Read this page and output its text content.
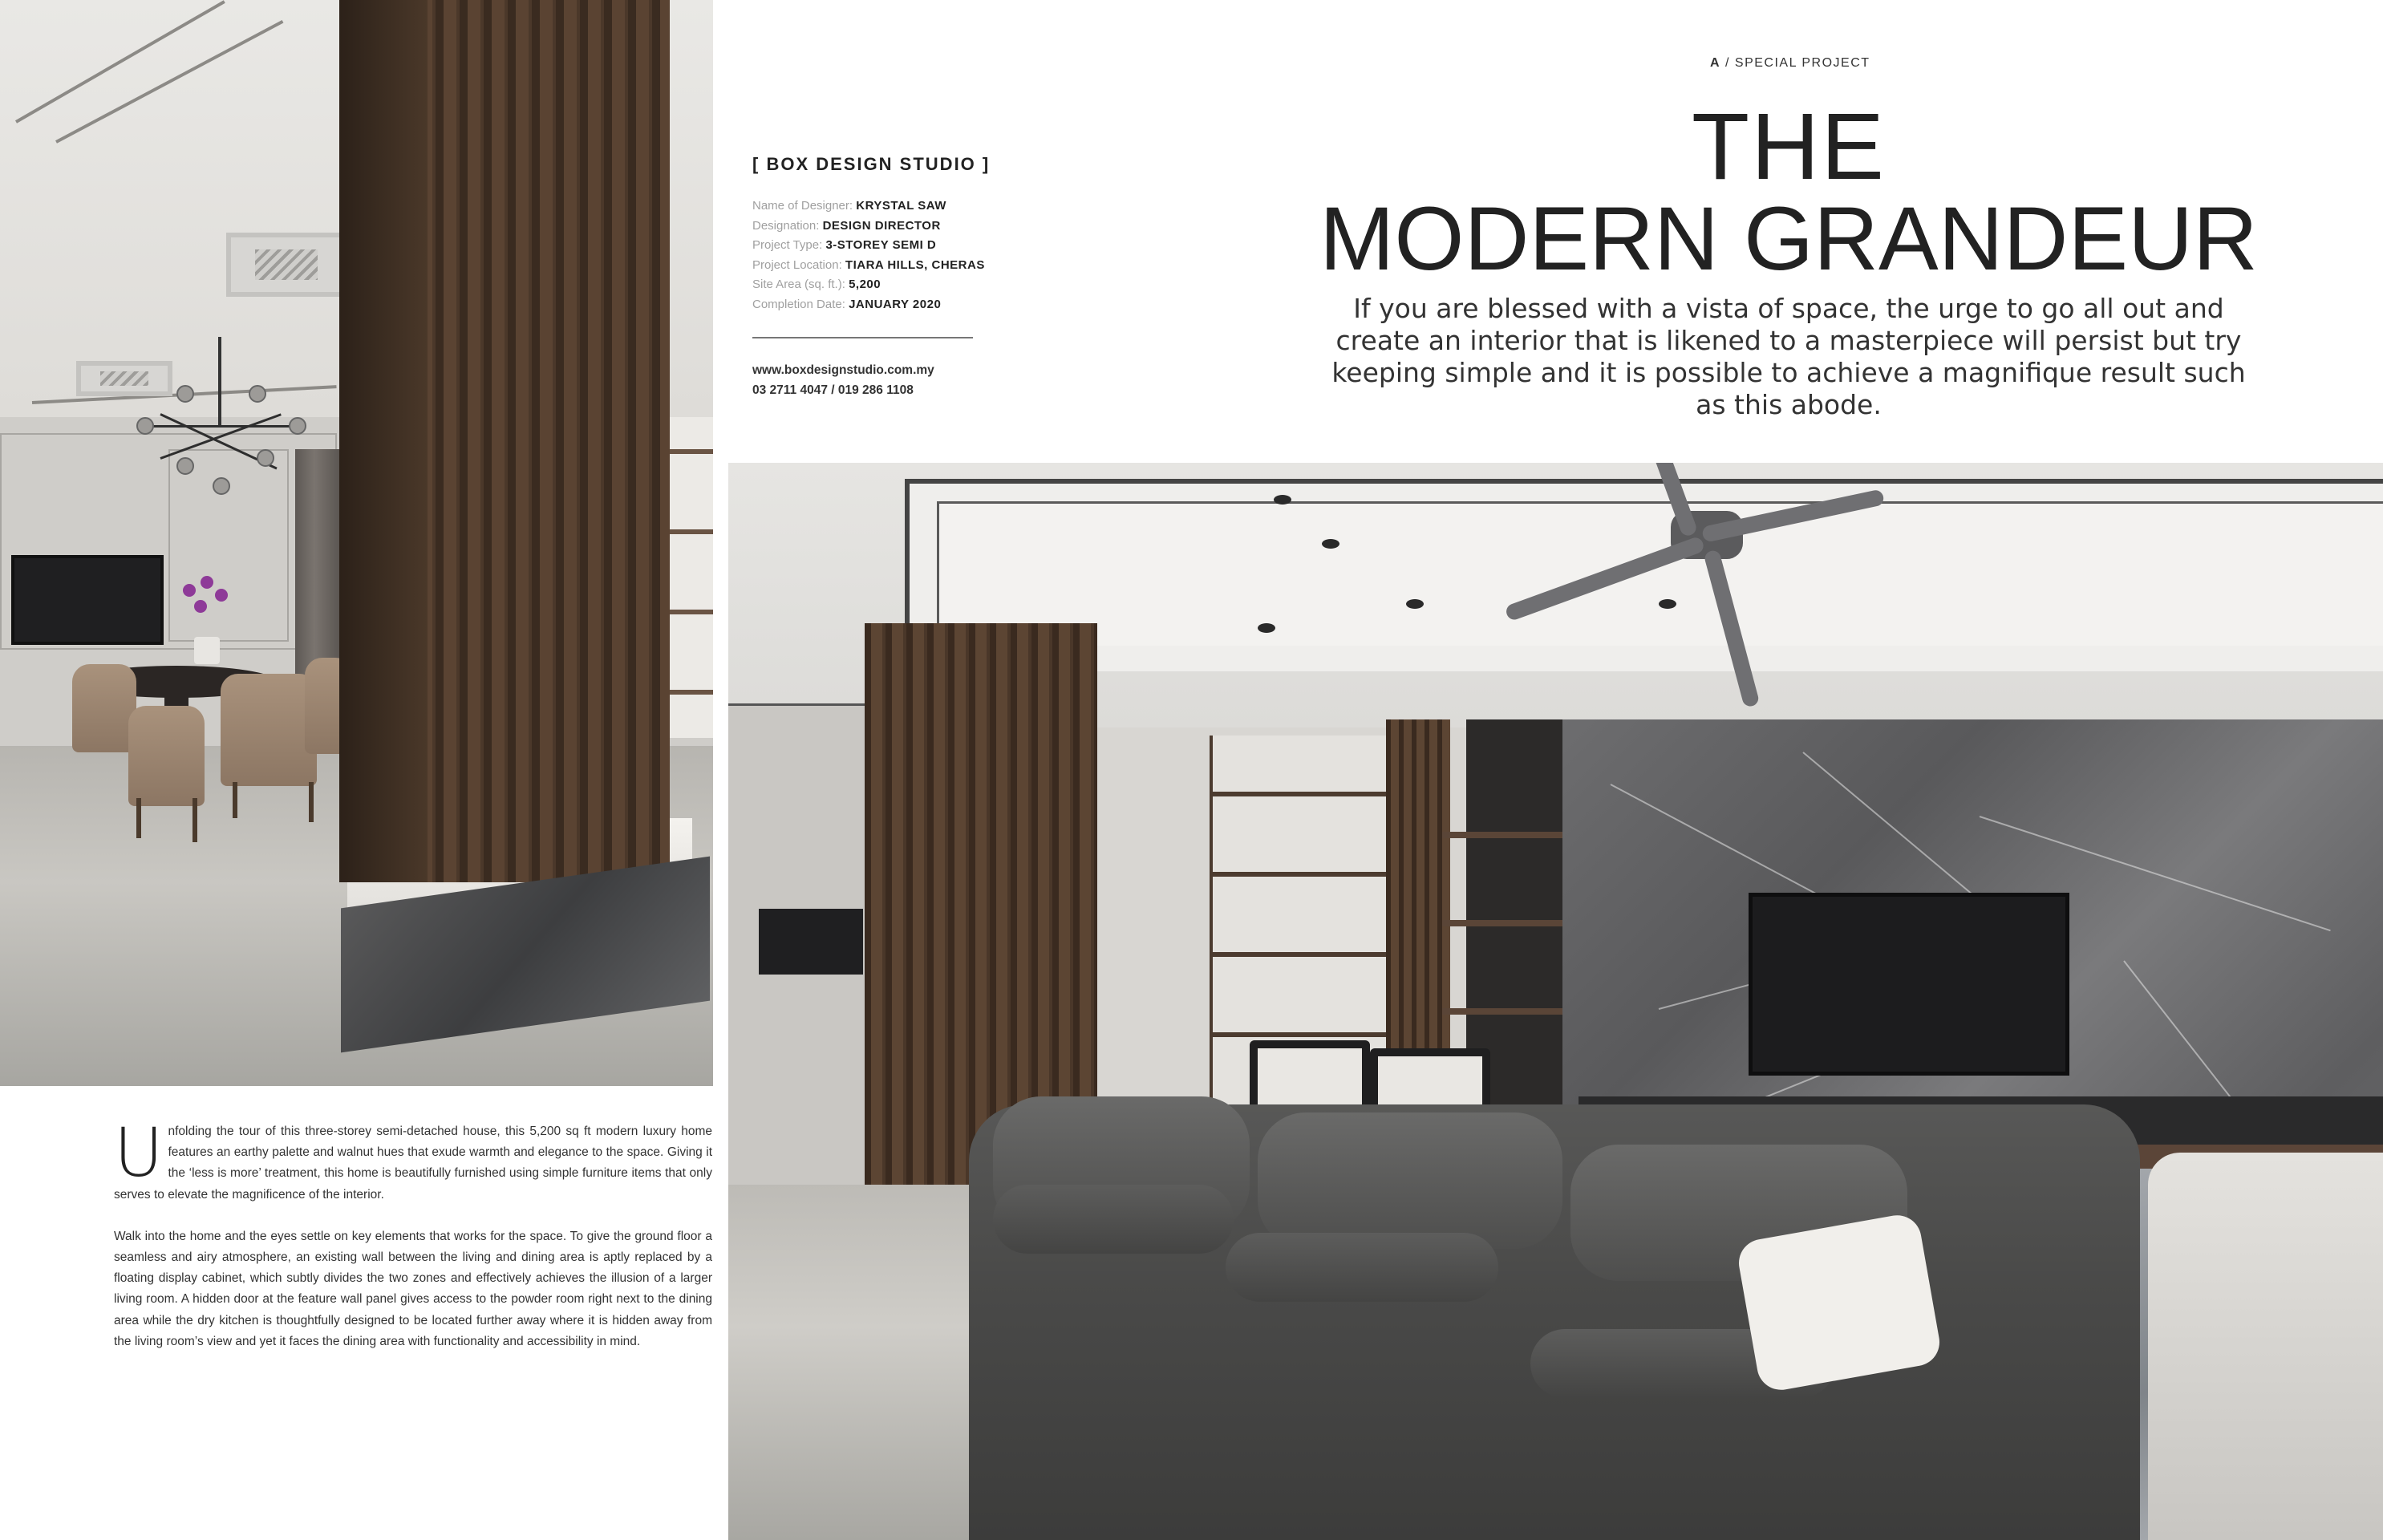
A / SPECIAL PROJECT
THE
MODERN GRANDEUR
If you are blessed with a vista of space, the urge to go all out and create an interior that is likened to a masterpiece will persist but try keeping simple and it is possible to achieve a magnifique result such as this abode.
[ BOX DESIGN STUDIO ]
Name of Designer: KRYSTAL SAW
Designation: DESIGN DIRECTOR
Project Type: 3-STOREY SEMI D
Project Location: TIARA HILLS, CHERAS
Site Area (sq. ft.): 5,200
Completion Date: JANUARY 2020
www.boxdesignstudio.com.my
03 2711 4047 / 019 286 1108

Unfolding the tour of this three-storey semi-detached house, this 5,200 sq ft modern luxury home features an earthy palette and walnut hues that exude warmth and elegance to the space. Giving it the ‘less is more’ treatment, this home is beautifully furnished using simple furniture items that only serves to elevate the magnificence of the interior.

Walk into the home and the eyes settle on key elements that works for the space. To give the ground floor a seamless and airy atmosphere, an existing wall between the living and dining area is aptly replaced by a floating display cabinet, which subtly divides the two zones and effectively achieves the illusion of a larger living room. A hidden door at the feature wall panel gives access to the powder room right next to the dining area while the dry kitchen is thoughtfully designed to be located further away where it is hidden away from the living room’s view and yet it faces the dining area with functionality and accessibility in mind.
